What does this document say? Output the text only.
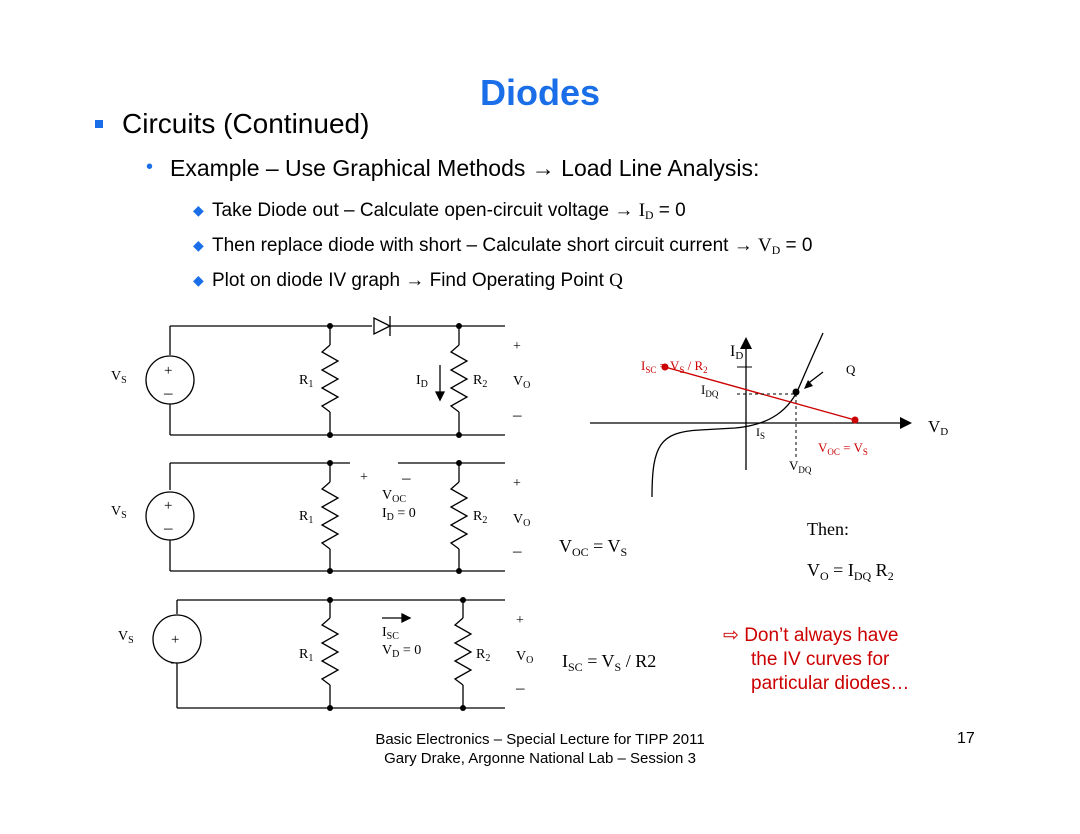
Diodes
Circuits (Continued)
• Example – Use Graphical Methods → Load Line Analysis:
◆ Take Diode out – Calculate open-circuit voltage → $I_D = 0$
◆ Then replace diode with short – Calculate short circuit current → $V_D = 0$
◆ Plot on diode IV graph → Find Operating Point Q
+
–
+
–
+
–
$V_S$
$V_S$
$V_S$
$R_1$
$R_1$
$R_1$
$R_2$
$R_2$
$R_2$
+
$V_O$
–
+
$V_O$
–
+
$V_O$
–
$I_D$
+ –
$V_{OC}$
$I_D = 0$
$I_{SC}$
$V_D = 0$
ID
VD
Q
$I_{SC} = V_S / R_2$
$I_{DQ}$
$I_S$
$V_{OC} = V_S$
$V_{DQ}$
$V_{OC} = V_S$
Then:
$V_O = I_{DQ}$ $R_2$
$I_{SC} = V_S / R2$
⇨ Don’t always have
the IV curves for
particular diodes…
Basic Electronics – Special Lecture for TIPP 2011
Gary Drake, Argonne National Lab – Session 3
17
